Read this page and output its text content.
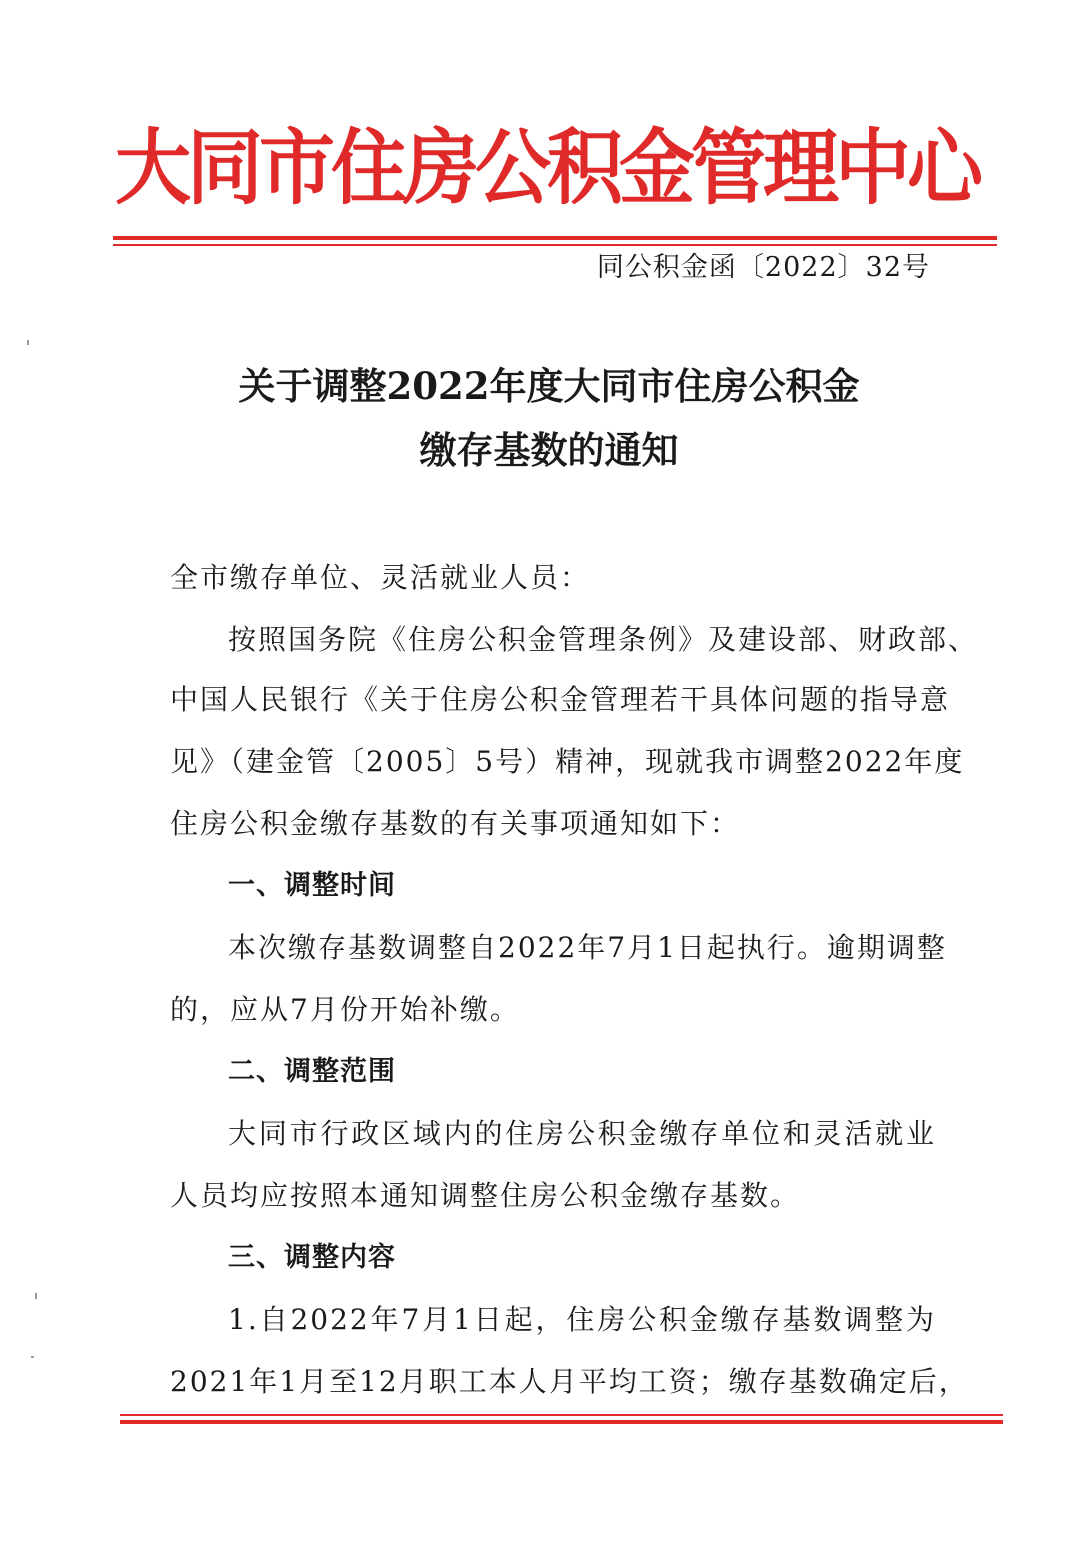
大同市住房公积金管理中心
同公积金函〔2022〕32号
关于调整2022年度大同市住房公积金
缴存基数的通知
全市缴存单位、灵活就业人员：
按照国务院《住房公积金管理条例》及建设部、财政部、
中国人民银行《关于住房公积金管理若干具体问题的指导意
见》（建金管〔2005〕5号）精神，现就我市调整2022年度
住房公积金缴存基数的有关事项通知如下：
一、调整时间
本次缴存基数调整自2022年7月1日起执行。逾期调整
的，应从7月份开始补缴。
二、调整范围
大同市行政区域内的住房公积金缴存单位和灵活就业
人员均应按照本通知调整住房公积金缴存基数。
三、调整内容
1.自2022年7月1日起，住房公积金缴存基数调整为
2021年1月至12月职工本人月平均工资；缴存基数确定后，
